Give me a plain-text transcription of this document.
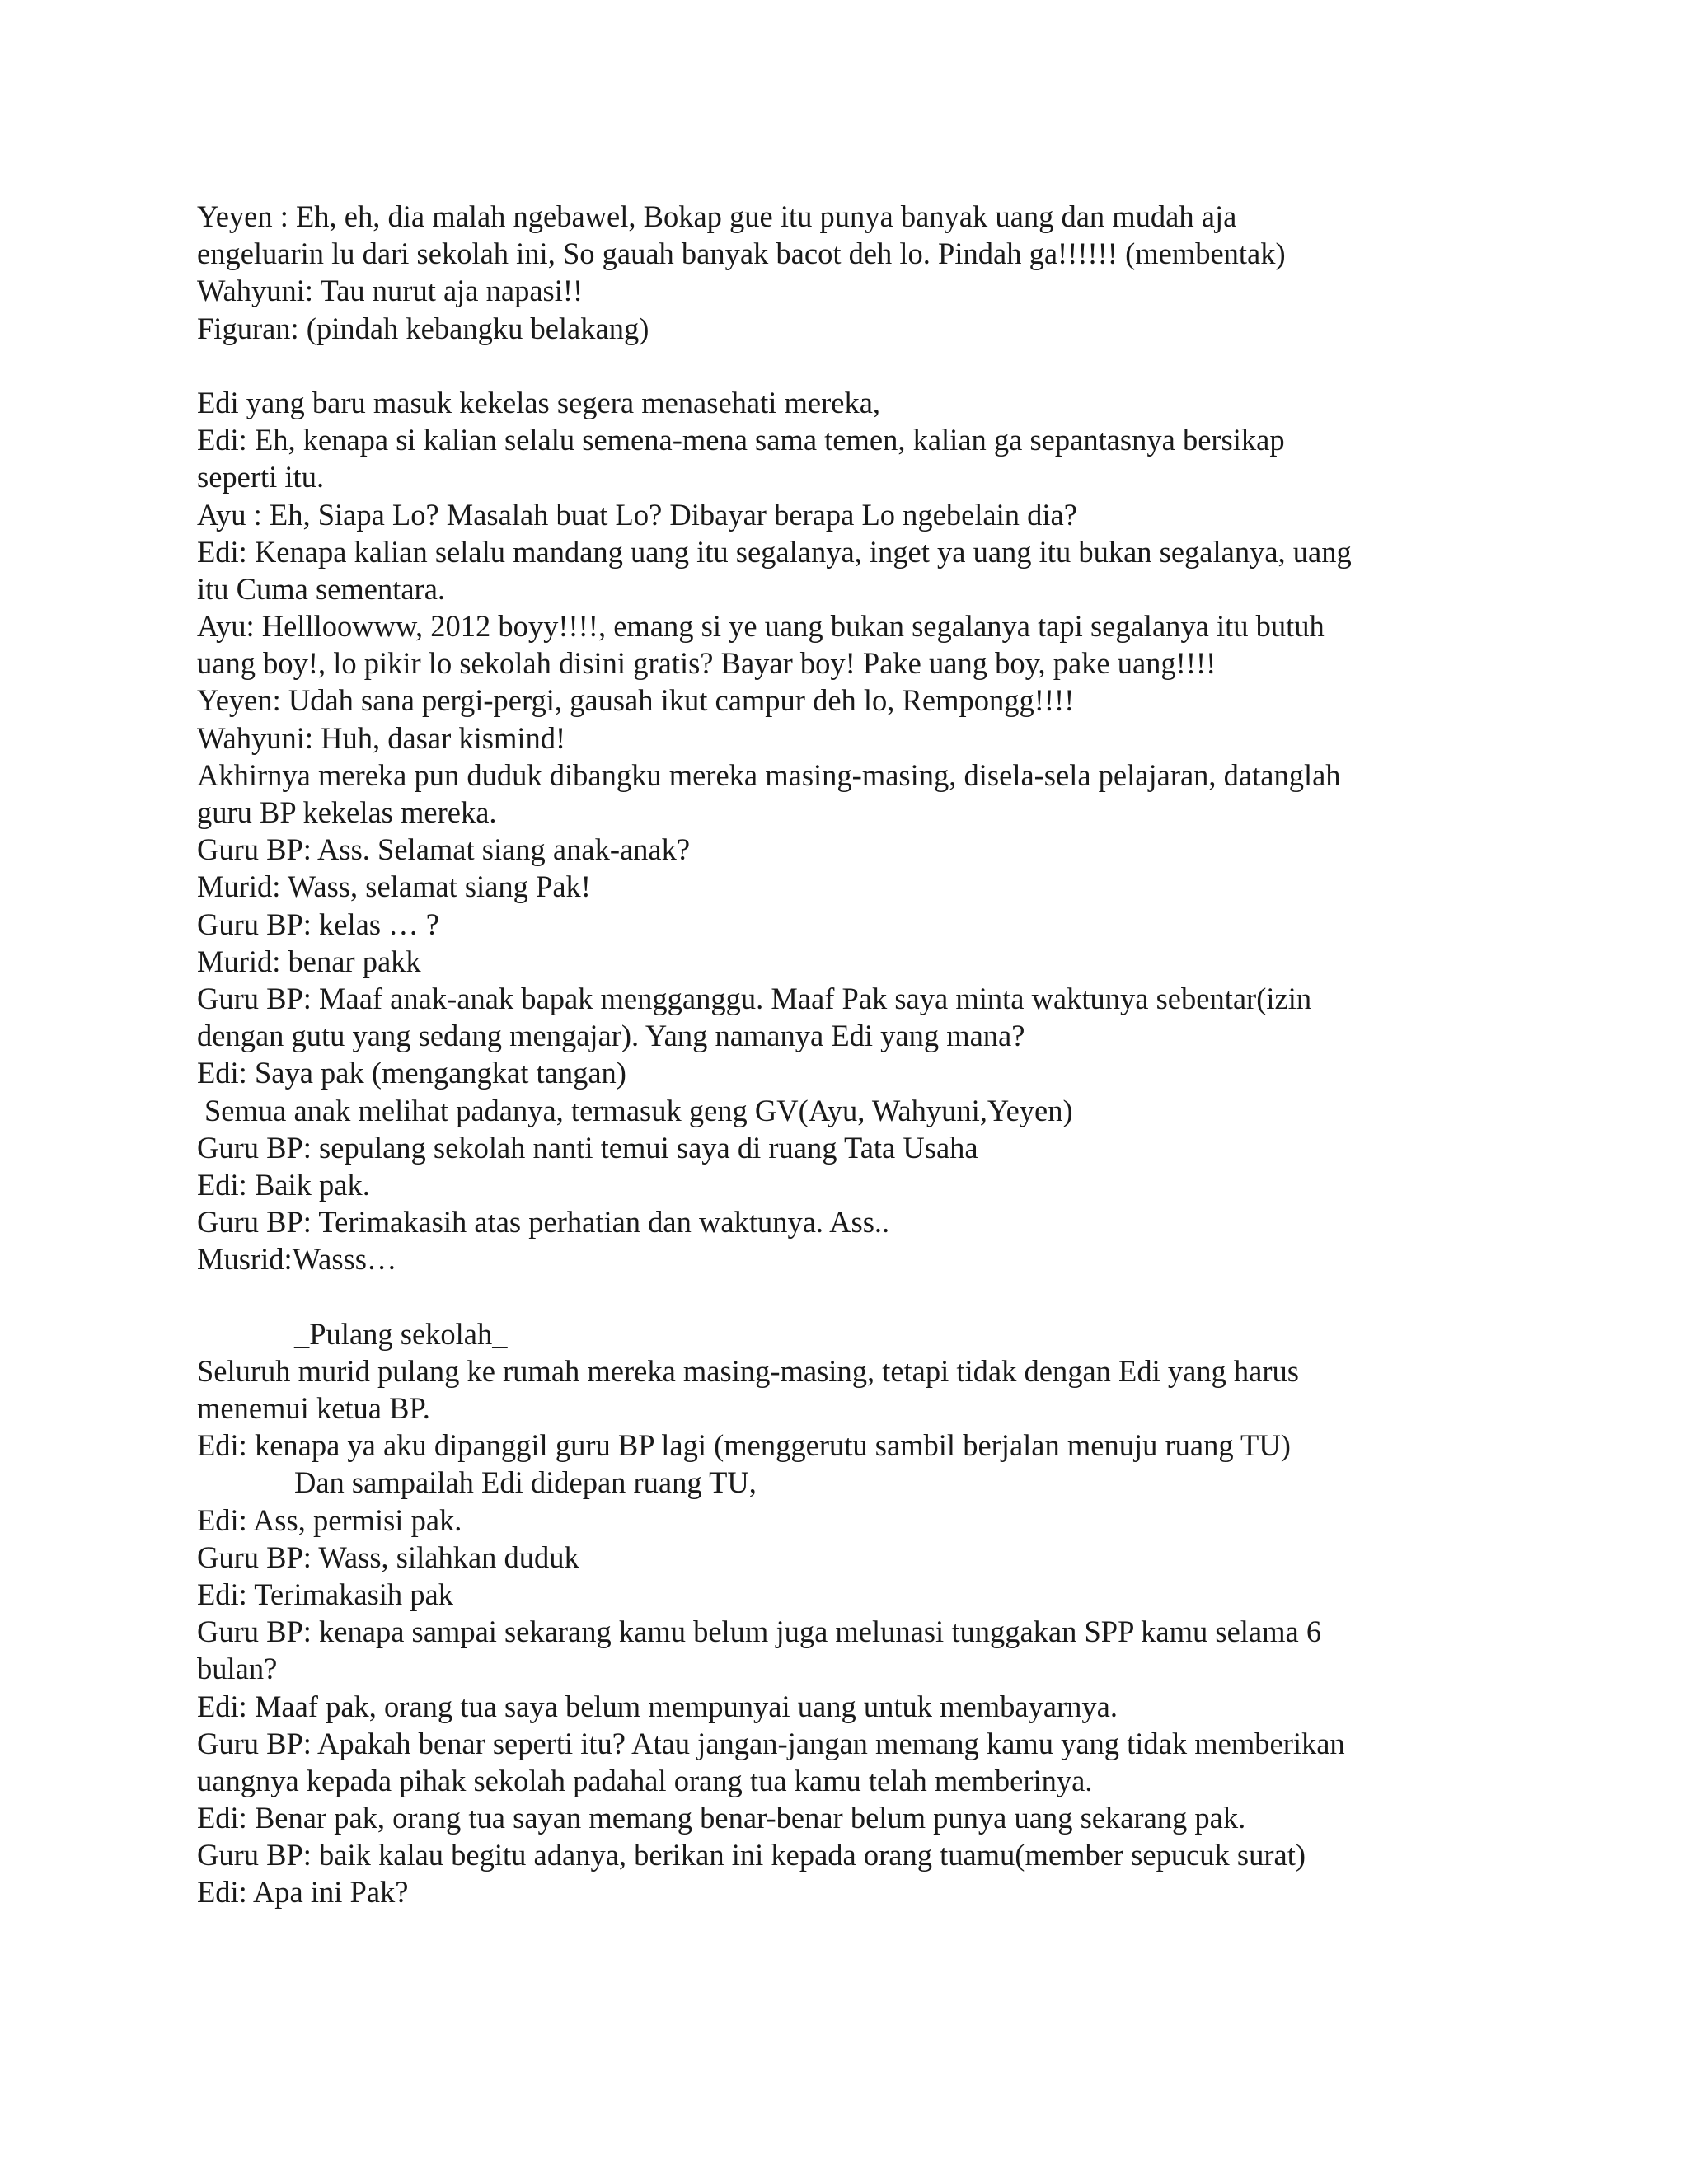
Yeyen : Eh, eh, dia malah ngebawel, Bokap gue itu punya banyak uang dan mudah aja
engeluarin lu dari sekolah ini, So gauah banyak bacot deh lo. Pindah ga!!!!!! (membentak)
Wahyuni: Tau nurut aja napasi!!
Figuran: (pindah kebangku belakang)
Edi yang baru masuk kekelas segera menasehati mereka,
Edi: Eh, kenapa si kalian selalu semena-mena sama temen, kalian ga sepantasnya bersikap
seperti itu.
Ayu : Eh, Siapa Lo? Masalah buat Lo? Dibayar berapa Lo ngebelain dia?
Edi: Kenapa kalian selalu mandang uang itu segalanya, inget ya uang itu bukan segalanya, uang
itu Cuma sementara.
Ayu: Hellloowww, 2012 boyy!!!!, emang si ye uang bukan segalanya tapi segalanya itu butuh
uang boy!, lo pikir lo sekolah disini gratis? Bayar boy! Pake uang boy, pake uang!!!!
Yeyen: Udah sana pergi-pergi, gausah ikut campur deh lo, Rempongg!!!!
Wahyuni: Huh, dasar kismind!
Akhirnya mereka pun duduk dibangku mereka masing-masing, disela-sela pelajaran, datanglah
guru BP kekelas mereka.
Guru BP: Ass. Selamat siang anak-anak?
Murid: Wass, selamat siang Pak!
Guru BP: kelas … ?
Murid: benar pakk
Guru BP: Maaf anak-anak bapak mengganggu. Maaf Pak saya minta waktunya sebentar(izin
dengan gutu yang sedang mengajar). Yang namanya Edi yang mana?
Edi: Saya pak (mengangkat tangan)
Semua anak melihat padanya, termasuk geng GV(Ayu, Wahyuni,Yeyen)
Guru BP: sepulang sekolah nanti temui saya di ruang Tata Usaha
Edi: Baik pak.
Guru BP: Terimakasih atas perhatian dan waktunya. Ass..
Musrid:Wasss…
_Pulang sekolah_
Seluruh murid pulang ke rumah mereka masing-masing, tetapi tidak dengan Edi yang harus
menemui ketua BP.
Edi: kenapa ya aku dipanggil guru BP lagi (menggerutu sambil berjalan menuju ruang TU)
Dan sampailah Edi didepan ruang TU,
Edi: Ass, permisi pak.
Guru BP: Wass, silahkan duduk
Edi: Terimakasih pak
Guru BP: kenapa sampai sekarang kamu belum juga melunasi tunggakan SPP kamu selama 6
bulan?
Edi: Maaf pak, orang tua saya belum mempunyai uang untuk membayarnya.
Guru BP: Apakah benar seperti itu? Atau jangan-jangan memang kamu yang tidak memberikan
uangnya kepada pihak sekolah padahal orang tua kamu telah memberinya.
Edi: Benar pak, orang tua sayan memang benar-benar belum punya uang sekarang pak.
Guru BP: baik kalau begitu adanya, berikan ini kepada orang tuamu(member sepucuk surat)
Edi: Apa ini Pak?
